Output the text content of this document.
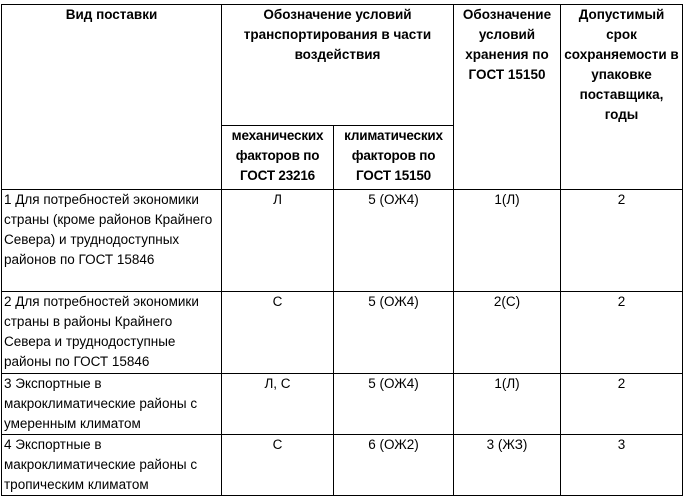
Вид поставки	Обозначение условий транспортирования в части воздействия		Обозначение условий хранения по ГОСТ 15150	Допустимый срок сохраняемости в упаковке поставщика, годы
	механических факторов по ГОСТ 23216	климатических факторов по ГОСТ 15150		
1 Для потребностей экономики страны (кроме районов Крайнего Севера) и труднодоступных районов по ГОСТ 15846	Л	5 (ОЖ4)	1(Л)	2
2 Для потребностей экономики страны в районы Крайнего Севера и труднодоступные районы по ГОСТ 15846	С	5 (ОЖ4)	2(С)	2
3 Экспортные в макроклиматические районы с умеренным климатом	Л, С	5 (ОЖ4)	1(Л)	2
4 Экспортные в макроклиматические районы с тропическим климатом	С	6 (ОЖ2)	3 (ЖЗ)	3
